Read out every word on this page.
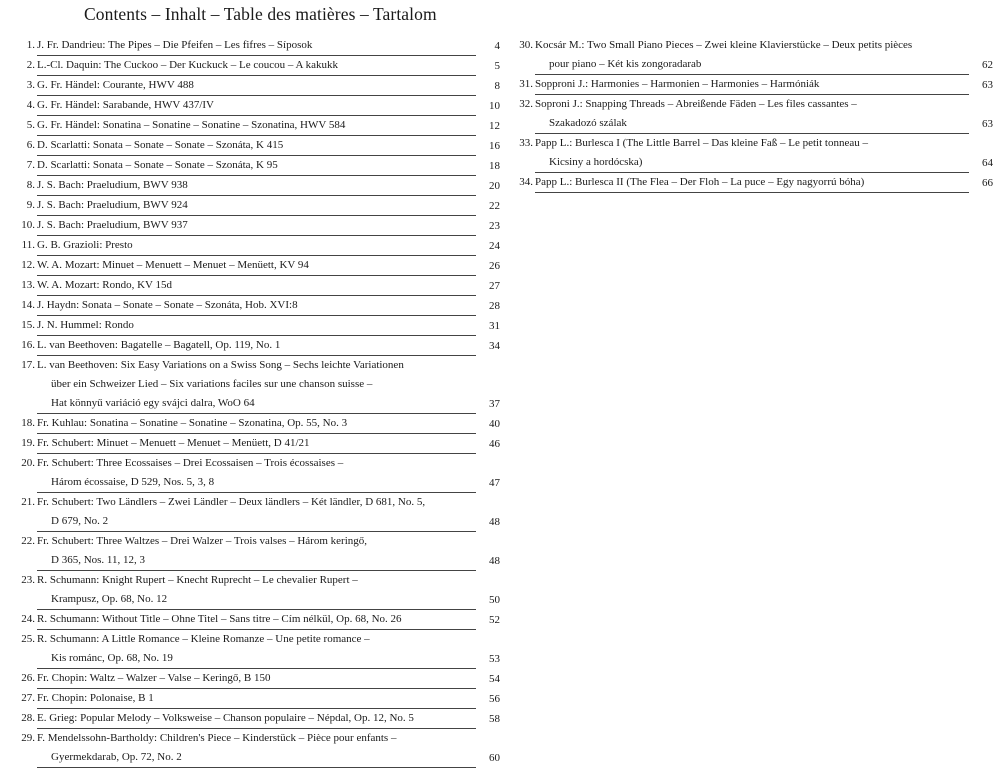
Contents – Inhalt – Table des matières – Tartalom
1. J. Fr. Dandrieu: The Pipes – Die Pfeifen – Les fifres – Síposok	4
2. L.-Cl. Daquin: The Cuckoo – Der Kuckuck – Le coucou – A kakukk	5
3. G. Fr. Händel: Courante, HWV 488	8
4. G. Fr. Händel: Sarabande, HWV 437/IV	10
5. G. Fr. Händel: Sonatina – Sonatine – Sonatine – Szonatina, HWV 584	12
6. D. Scarlatti: Sonata – Sonate – Sonate – Szonáta, K 415	16
7. D. Scarlatti: Sonata – Sonate – Sonate – Szonáta, K 95	18
8. J. S. Bach: Praeludium, BWV 938	20
9. J. S. Bach: Praeludium, BWV 924	22
10. J. S. Bach: Praeludium, BWV 937	23
11. G. B. Grazioli: Presto	24
12. W. A. Mozart: Minuet – Menuett – Menuet – Menüett, KV 94	26
13. W. A. Mozart: Rondo, KV 15d	27
14. J. Haydn: Sonata – Sonate – Sonate – Szonáta, Hob. XVI:8	28
15. J. N. Hummel: Rondo	31
16. L. van Beethoven: Bagatelle – Bagatell, Op. 119, No. 1	34
17. L. van Beethoven: Six Easy Variations on a Swiss Song – Sechs leichte Variationen
über ein Schweizer Lied – Six variations faciles sur une chanson suisse –
Hat könnyű variáció egy svájci dalra, WoO 64	37
18. Fr. Kuhlau: Sonatina – Sonatine – Sonatine – Szonatina, Op. 55, No. 3	40
19. Fr. Schubert: Minuet – Menuett – Menuet – Menüett, D 41/21	46
20. Fr. Schubert: Three Ecossaises – Drei Ecossaisen – Trois écossaises –
Három écossaise, D 529, Nos. 5, 3, 8	47
21. Fr. Schubert: Two Ländlers – Zwei Ländler – Deux ländlers – Két ländler, D 681, No. 5,
D 679, No. 2	48
22. Fr. Schubert: Three Waltzes – Drei Walzer – Trois valses – Három keringő,
D 365, Nos. 11, 12, 3	48
23. R. Schumann: Knight Rupert – Knecht Ruprecht – Le chevalier Rupert –
Krampusz, Op. 68, No. 12	50
24. R. Schumann: Without Title – Ohne Titel – Sans titre – Cím nélkül, Op. 68, No. 26	52
25. R. Schumann: A Little Romance – Kleine Romanze – Une petite romance –
Kis románc, Op. 68, No. 19	53
26. Fr. Chopin: Waltz – Walzer – Valse – Keringő, B 150	54
27. Fr. Chopin: Polonaise, B 1	56
28. E. Grieg: Popular Melody – Volksweise – Chanson populaire – Népdal, Op. 12, No. 5	58
29. F. Mendelssohn-Bartholdy: Children's Piece – Kinderstück – Pièce pour enfants –
Gyermekdarab, Op. 72, No. 2	60
30. Kocsár M.: Two Small Piano Pieces – Zwei kleine Klavierstücke – Deux petits pièces
pour piano – Két kis zongoradarab	62
31. Sopproni J.: Harmonies – Harmonien – Harmonies – Harmóniák	63
32. Soproni J.: Snapping Threads – Abreißende Fäden – Les files cassantes –
Szakadozó szálak	63
33. Papp L.: Burlesca I (The Little Barrel – Das kleine Faß – Le petit tonneau –
Kicsiny a hordócska)	64
34. Papp L.: Burlesca II (The Flea – Der Floh – La puce – Egy nagyorrú bóha)	66
